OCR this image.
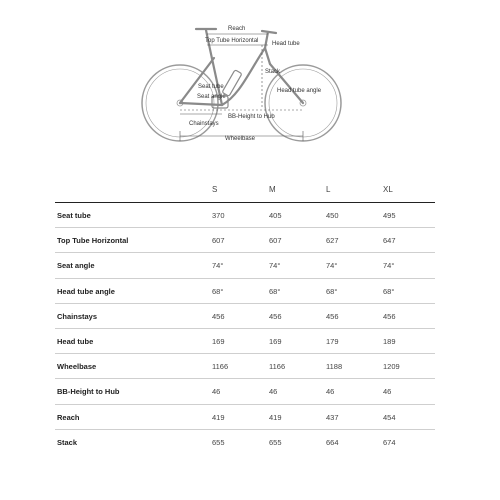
Reach
Top Tube Horizontal Head tube
Stack
Seat tube
Seat angle
Head tube angle
BB-Height to Hub
Chainstays
Wheelbase
S	M	L	XL
Seat tube	370	405	450	495
Top Tube Horizontal	607	607	627	647
Seat angle	74°	74°	74°	74°
Head tube angle	68°	68°	68°	68°
Chainstays	456	456	456	456
Head tube	169	169	179	189
Wheelbase	1166	1166	1188	1209
BB-Height to Hub	46	46	46	46
Reach	419	419	437	454
Stack	655	655	664	674
